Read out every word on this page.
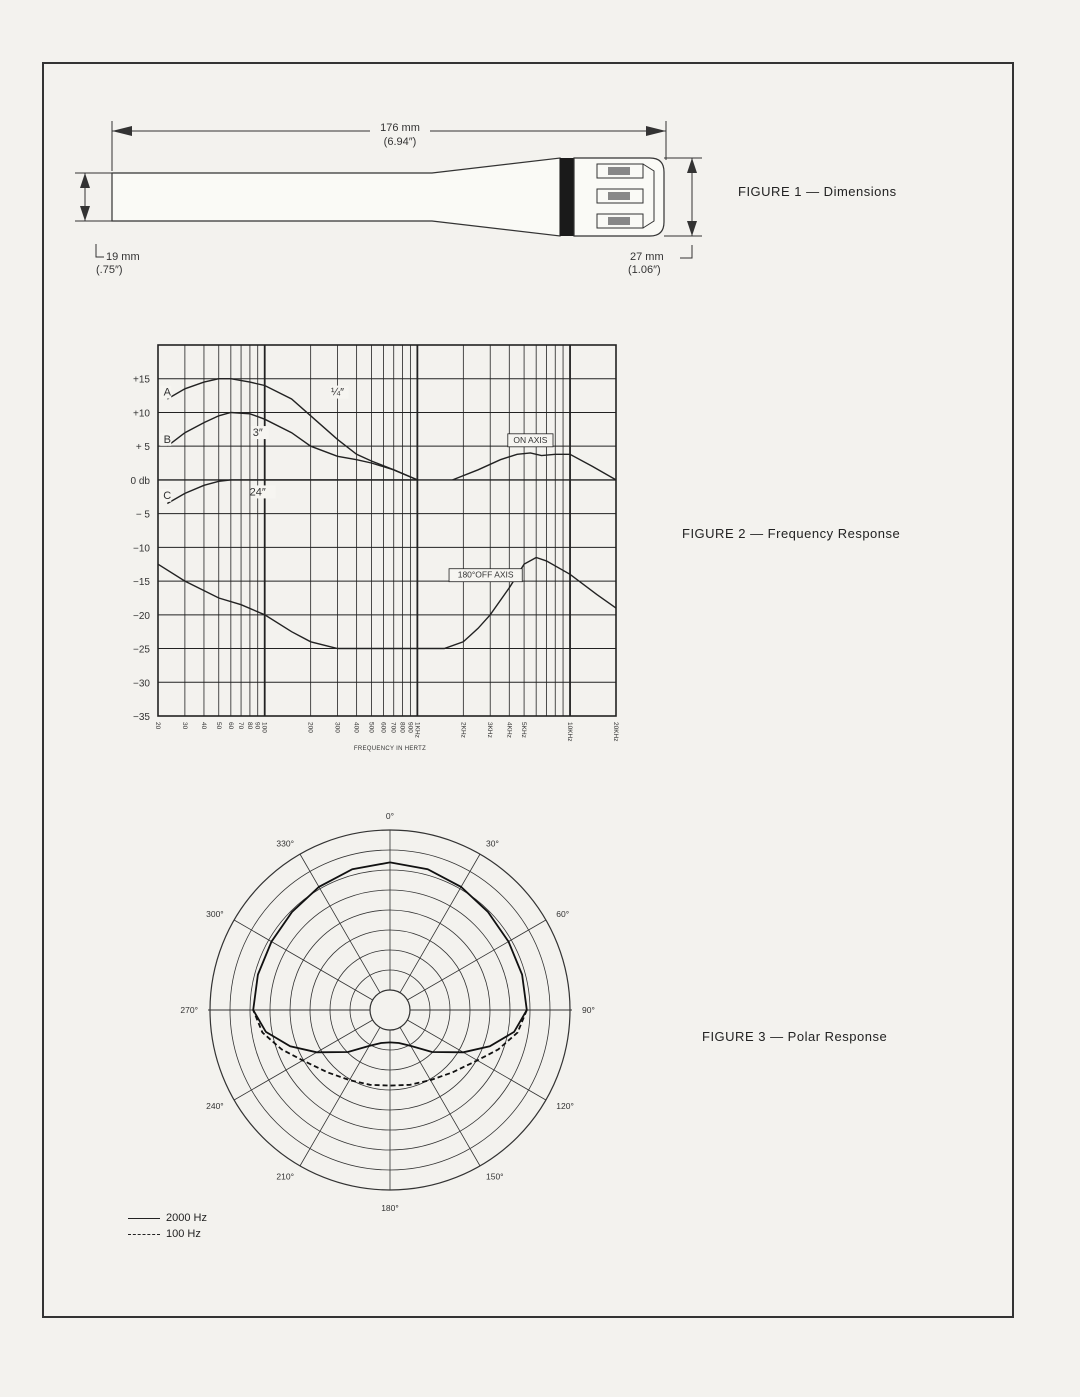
176 mm
(6.94″)
19 mm
(.75″)
27 mm
(1.06″)
FIGURE 1 — Dimensions
A
B
C
¼″
3″
24″
ON AXIS
180°OFF AXIS
+15
+10
+ 5
0 db
− 5
−10
−15
−20
−25
−30
−35
20	30 40 50 60 70 80 90 100	200	300 400 500 600 700 800 900 1KHz	2KHz	3KHz 4KHz 5KHz	10KHz	20KHz
FIGURE 2 — Frequency Response
FREQUENCY IN HERTZ
0°
30°
60°
90°
120°
150°
180°
210°
240°
270°
300°
330°
FIGURE 3 — Polar Response
2000 Hz
100 Hz
